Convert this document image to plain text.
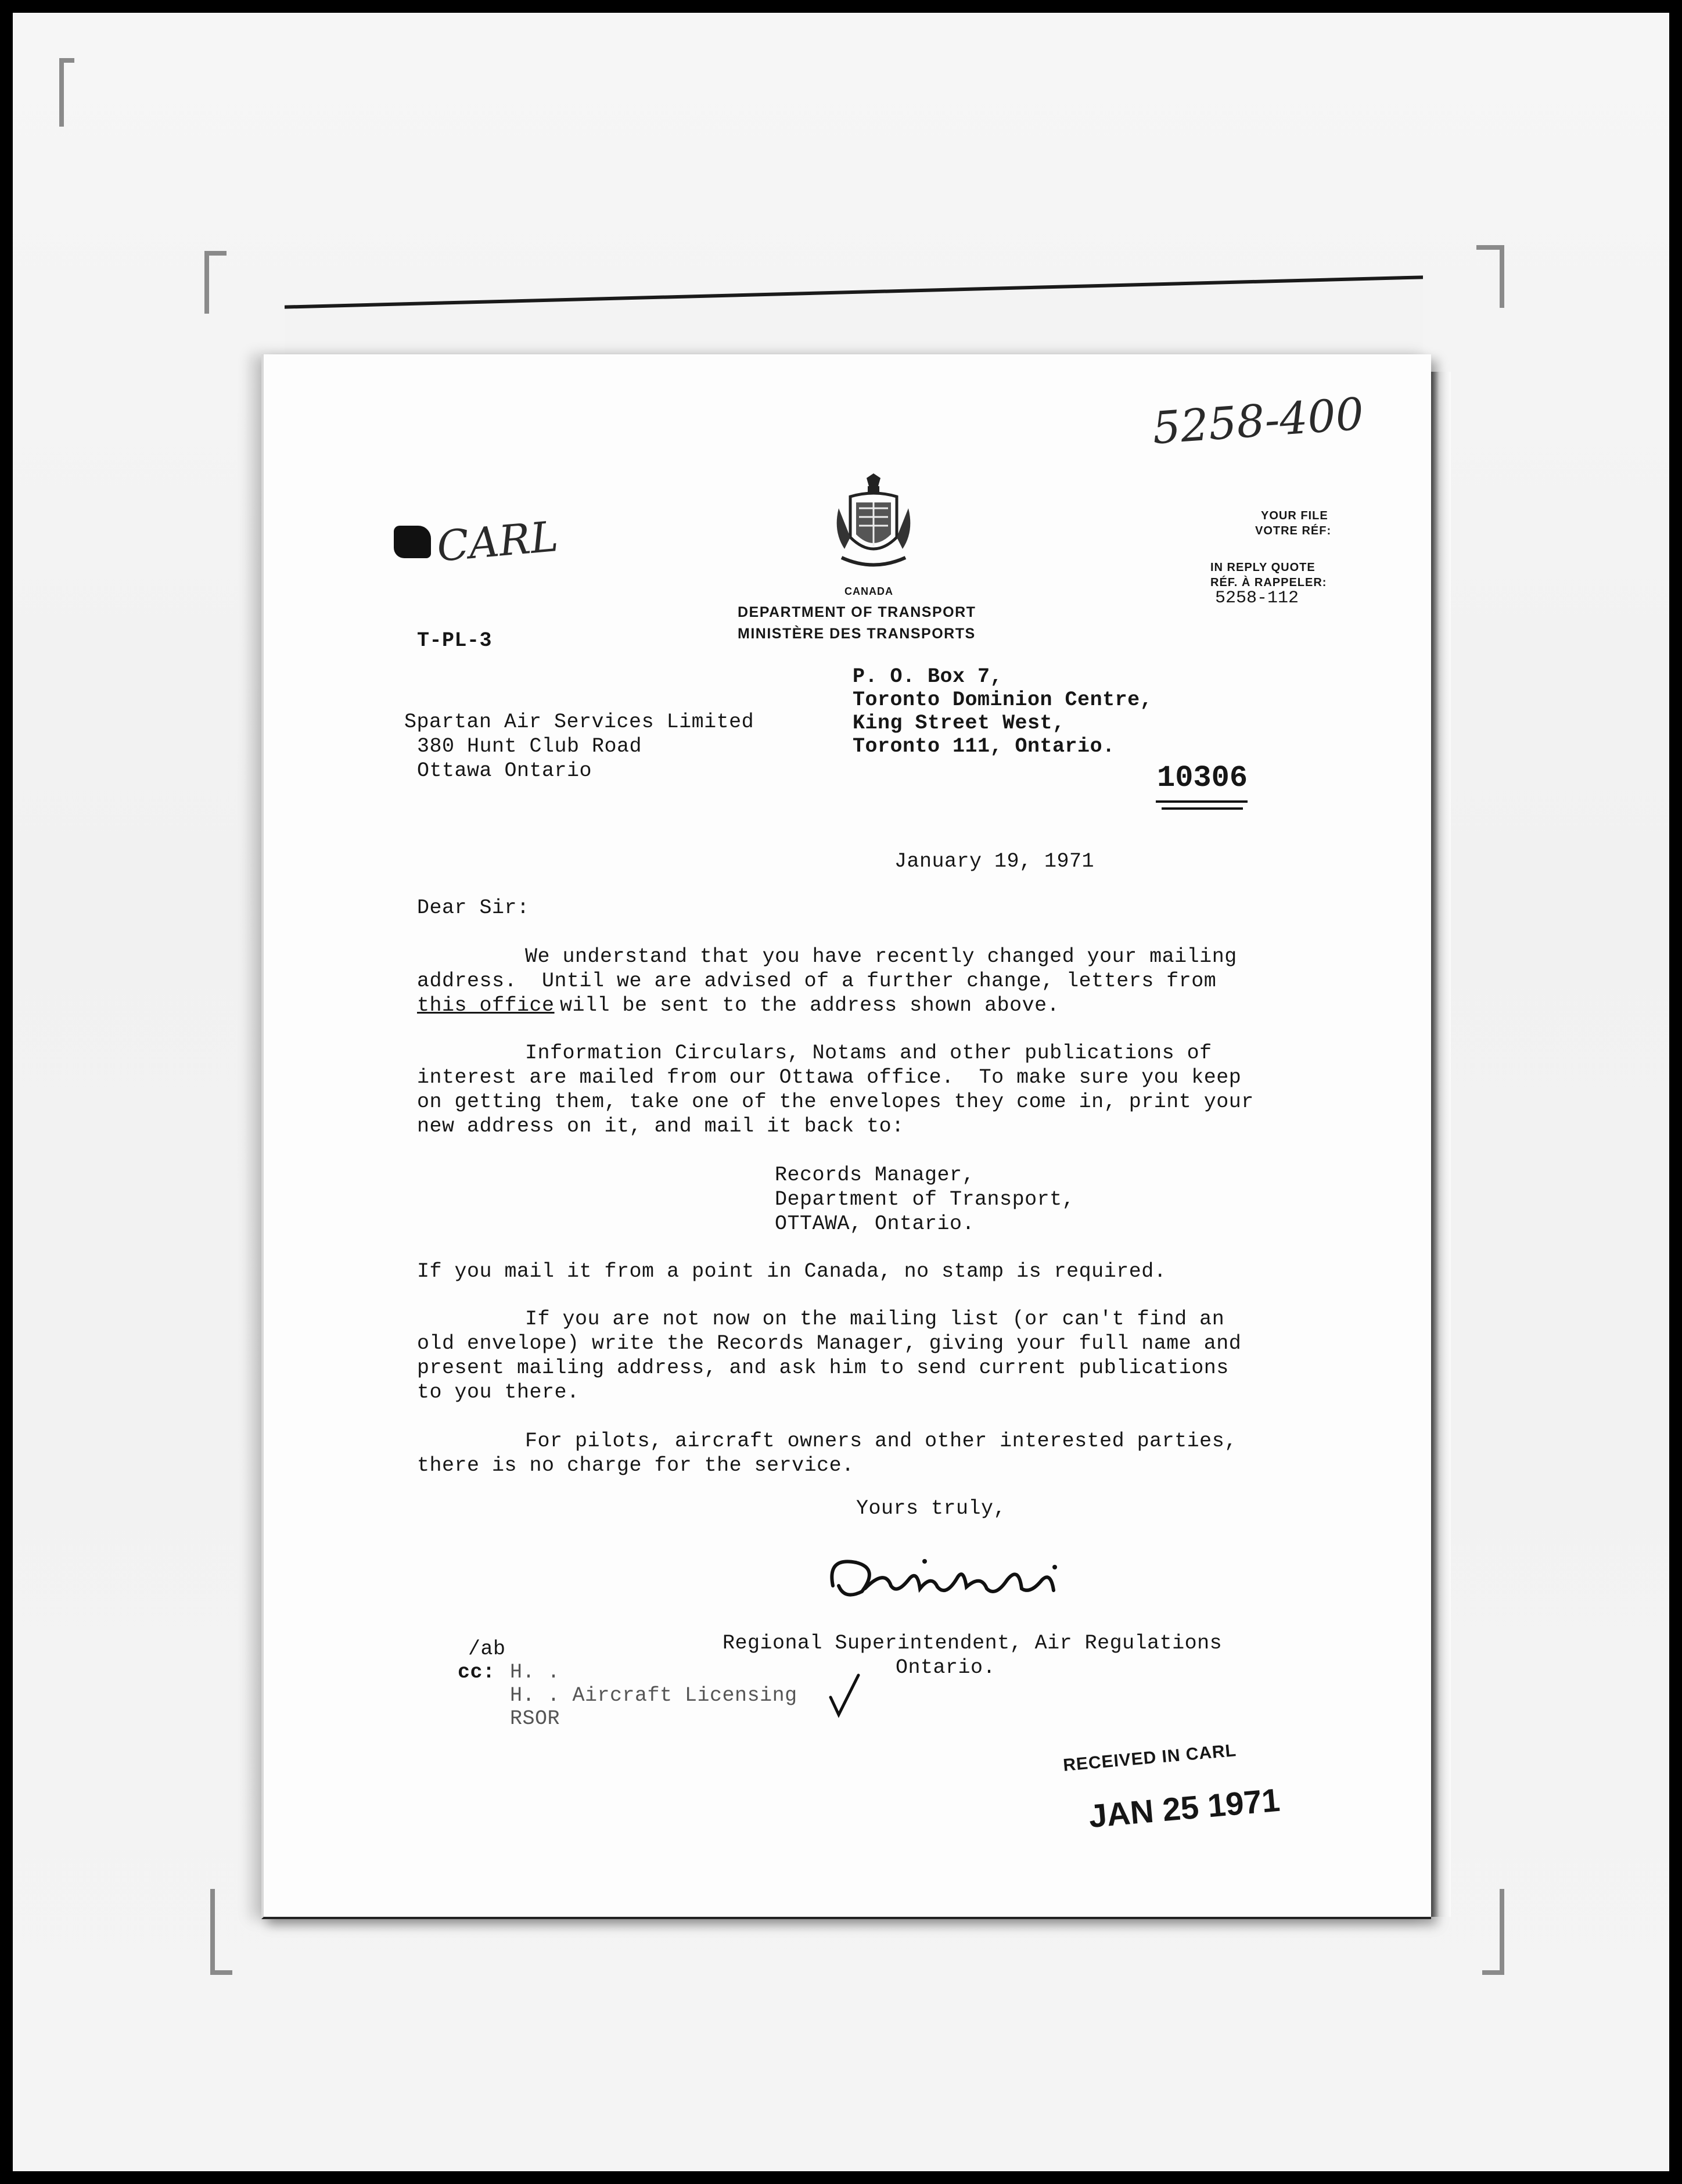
5258-400
CANADA
DEPARTMENT OF TRANSPORT
MINISTÈRE DES TRANSPORTS
YOUR FILE
VOTRE RÉF:
IN REPLY QUOTE
RÉF. À RAPPELER:
5258-112
CARL
T-PL-3
Spartan Air Services Limited
380 Hunt Club Road
Ottawa Ontario
P. O. Box 7,
Toronto Dominion Centre,
King Street West,
Toronto 111, Ontario.
10306
January 19, 1971
Dear Sir:
We understand that you have recently changed your mailing
address.  Until we are advised of a further change, letters from
this office will be sent to the address shown above.
Information Circulars, Notams and other publications of
interest are mailed from our Ottawa office.  To make sure you keep
on getting them, take one of the envelopes they come in, print your
new address on it, and mail it back to:
Records Manager,
Department of Transport,
OTTAWA, Ontario.
If you mail it from a point in Canada, no stamp is required.
If you are not now on the mailing list (or can't find an
old envelope) write the Records Manager, giving your full name and
present mailing address, and ask him to send current publications
to you there.
For pilots, aircraft owners and other interested parties,
there is no charge for the service.
Yours truly,
Regional Superintendent, Air Regulations
Ontario.
/ab
cc: H. .
H. . Aircraft Licensing
RSOR
RECEIVED IN CARL
JAN 25 1971
